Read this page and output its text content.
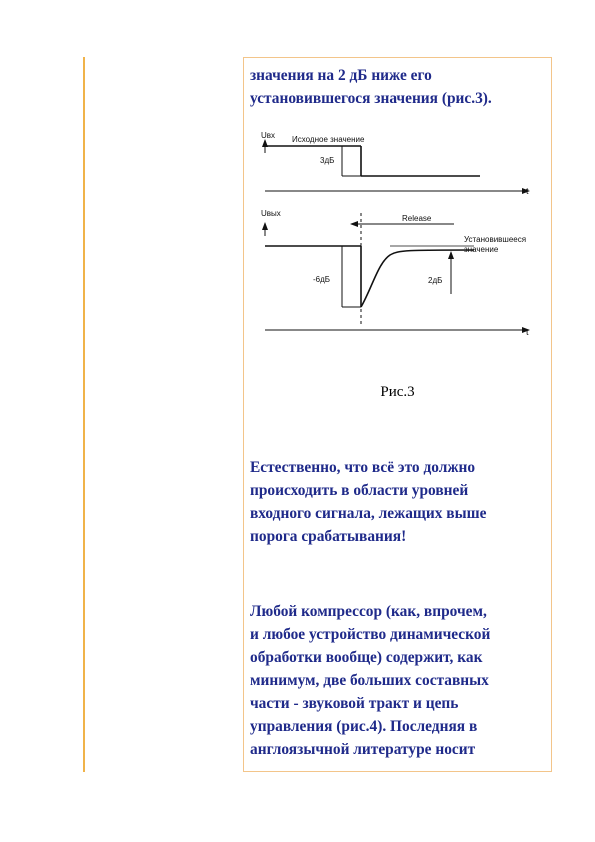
значения на 2 дБ ниже его
установившегося значения (рис.3).

Uвх Исходное значение
3дБ
t
Uвых
Release
-6дБ	2дБ
Установившееся
значение
t
Рис.3

Естественно, что всё это должно
происходить в области уровней
входного сигнала, лежащих выше
порога срабатывания!

Любой компрессор (как, впрочем,
и любое устройство динамической
обработки вообще) содержит, как
минимум, две больших составных
части - звуковой тракт и цепь
управления (рис.4). Последняя в
англоязычной литературе носит
